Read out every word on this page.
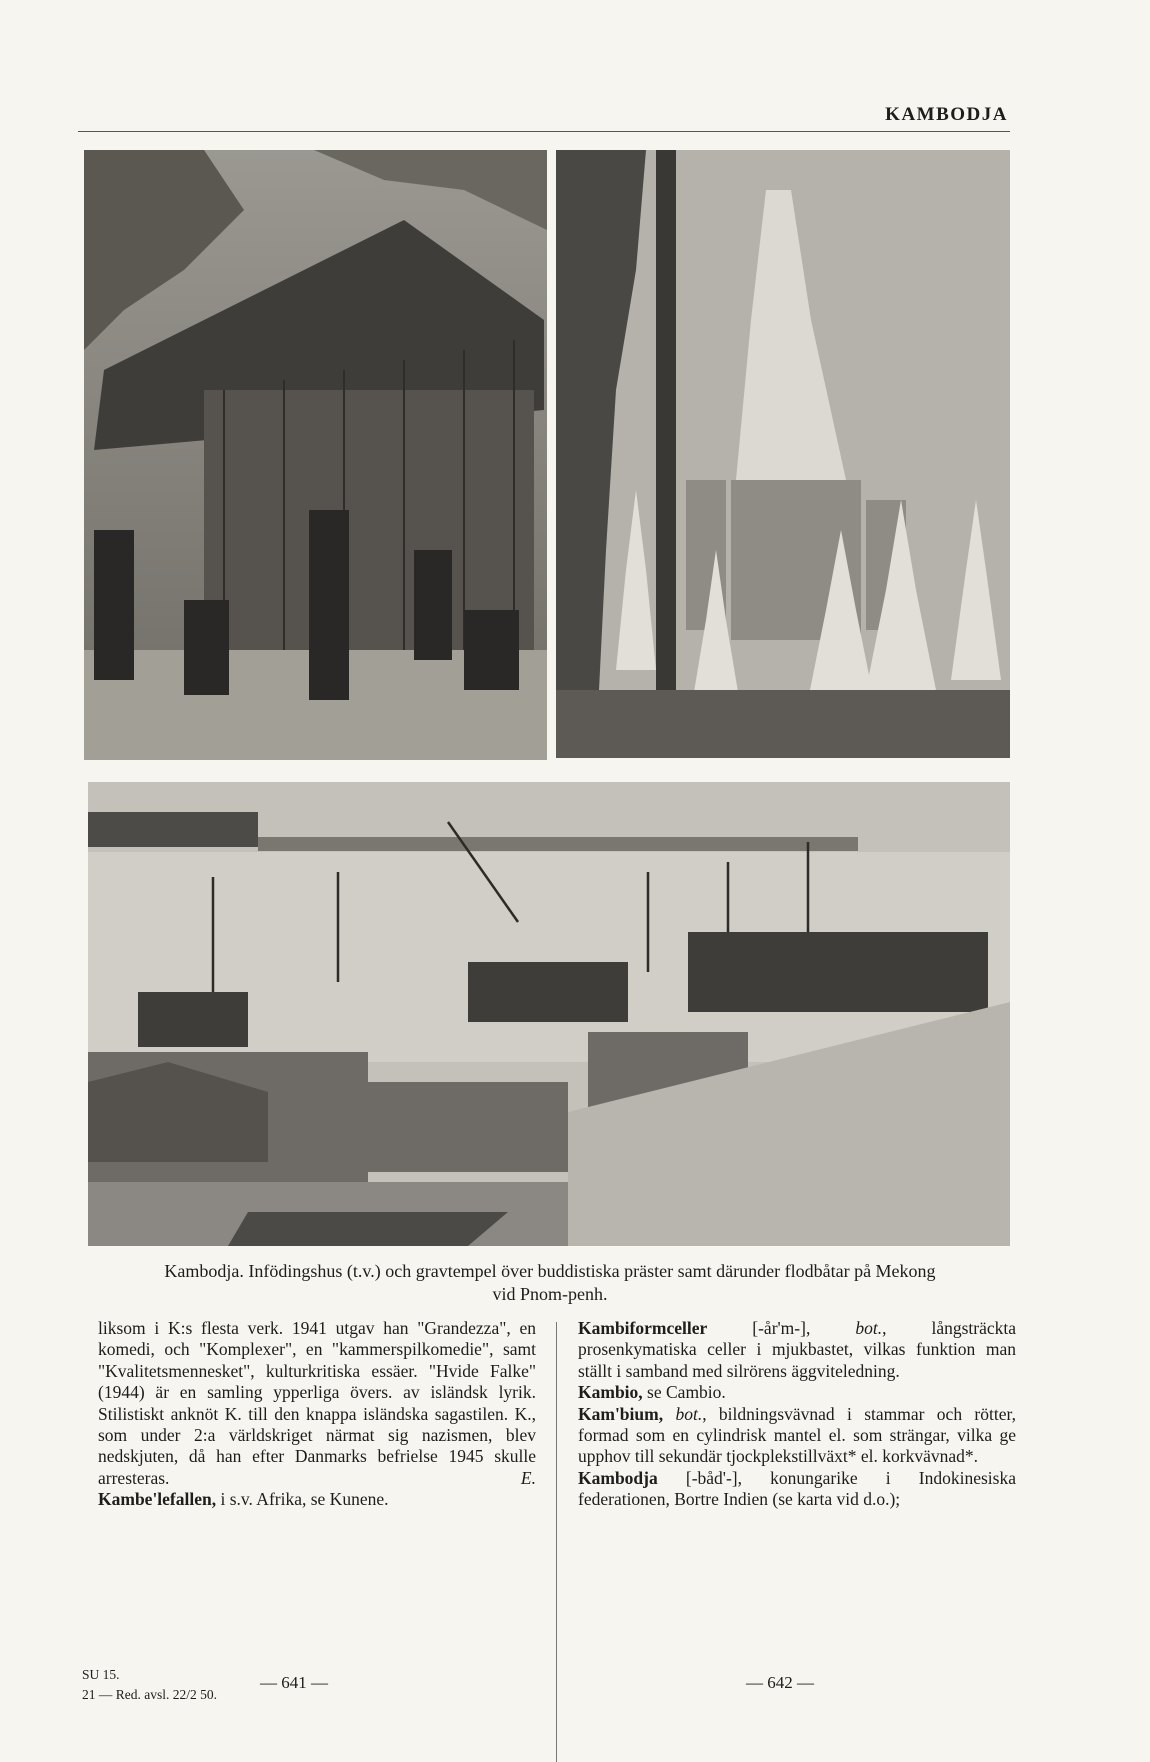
KAMBODJA
Kambodja. Infödingshus (t.v.) och gravtempel över buddistiska präster samt därunder flodbåtar på Mekong
vid Pnom-penh.

liksom i K:s flesta verk. 1941 utgav han "Grandezza", en komedi, och "Komplexer", en "kammerspilkomedie", samt "Kvalitetsmennesket", kulturkritiska essäer. "Hvide Falke" (1944) är en samling ypperliga övers. av isländsk lyrik. Stilistiskt anknöt K. till den knappa isländska sagastilen. K., som under 2:a världskriget närmat sig nazismen, blev nedskjuten, då han efter Danmarks befrielse 1945 skulle arresteras.	E.

Kambe'lefallen, i s.v. Afrika, se Kunene.

Kambiformceller [-år'm-], bot., långsträckta prosenkymatiska celler i mjukbastet, vilkas funktion man ställt i samband med silrörens äggviteledning.

Kambio, se Cambio.

Kam'bium, bot., bildningsvävnad i stammar och rötter, formad som en cylindrisk mantel el. som strängar, vilka ge upphov till sekundär tjockplekstillväxt* el. korkvävnad*.

Kambodja [-båd'-], konungarike i Indokinesiska federationen, Bortre Indien (se karta vid d.o.);

— 641 —	— 642 —
SU 15.
21 — Red. avsl. 22/2 50.
